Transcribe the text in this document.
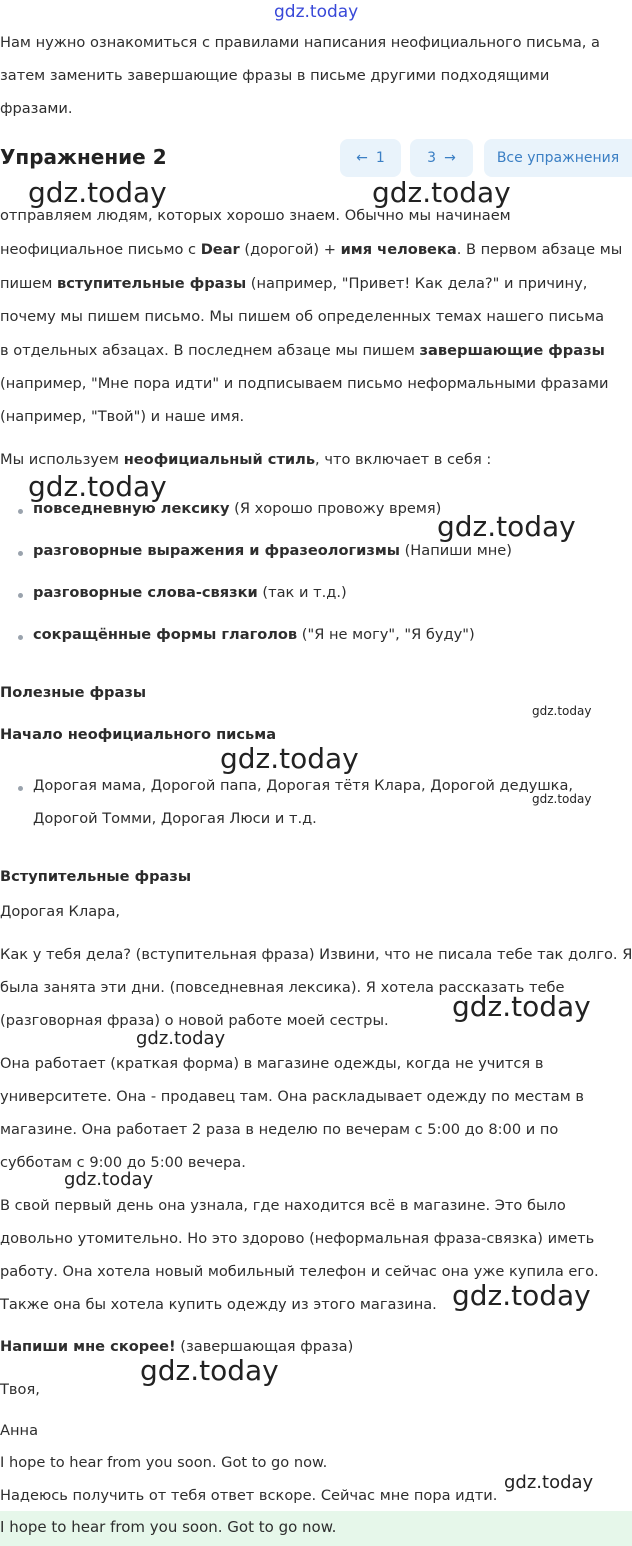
gdz.today
Нам нужно ознакомиться с правилами написания неофициального письма, а
затем заменить завершающие фразы в письме другими подходящими
фразами.
Упражнение 2	← 1	3 →	Все упражнения
отправляем людям, которых хорошо знаем. Обычно мы начинаем
неофициальное письмо с Dear (дорогой) + имя человека. В первом абзаце мы
пишем вступительные фразы (например, "Привет! Как дела?" и причину,
почему мы пишем письмо. Мы пишем об определенных темах нашего письма
в отдельных абзацах. В последнем абзаце мы пишем завершающие фразы
(например, "Мне пора идти" и подписываем письмо неформальными фразами
(например, "Твой") и наше имя.
Мы используем неофициальный стиль, что включает в себя :
повседневную лексику (Я хорошо провожу время)
разговорные выражения и фразеологизмы (Напиши мне)
разговорные слова-связки (так и т.д.)
сокращённые формы глаголов ("Я не могу", "Я буду")
Полезные фразы
Начало неофициального письма
Дорогая мама, Дорогой папа, Дорогая тётя Клара, Дорогой дедушка,
Дорогой Томми, Дорогая Люси и т.д.
Вступительные фразы
Дорогая Клара,
Как у тебя дела? (вступительная фраза) Извини, что не писала тебе так долго. Я
была занята эти дни. (повседневная лексика). Я хотела рассказать тебе
(разговорная фраза) о новой работе моей сестры.
Она работает (краткая форма) в магазине одежды, когда не учится в
университете. Она - продавец там. Она раскладывает одежду по местам в
магазине. Она работает 2 раза в неделю по вечерам с 5:00 до 8:00 и по
субботам с 9:00 до 5:00 вечера.
В свой первый день она узнала, где находится всё в магазине. Это было
довольно утомительно. Но это здорово (неформальная фраза-связка) иметь
работу. Она хотела новый мобильный телефон и сейчас она уже купила его.
Также она бы хотела купить одежду из этого магазина.
Напиши мне скорее! (завершающая фраза)
Твоя,
Анна
I hope to hear from you soon. Got to go now.
Надеюсь получить от тебя ответ вскоре. Сейчас мне пора идти.
I hope to hear from you soon. Got to go now.
gdz.today	gdz.today
gdz.today
gdz.today
gdz.today
gdz.today
gdz.today
gdz.today
gdz.today
gdz.today
gdz.today
gdz.today
gdz.today
